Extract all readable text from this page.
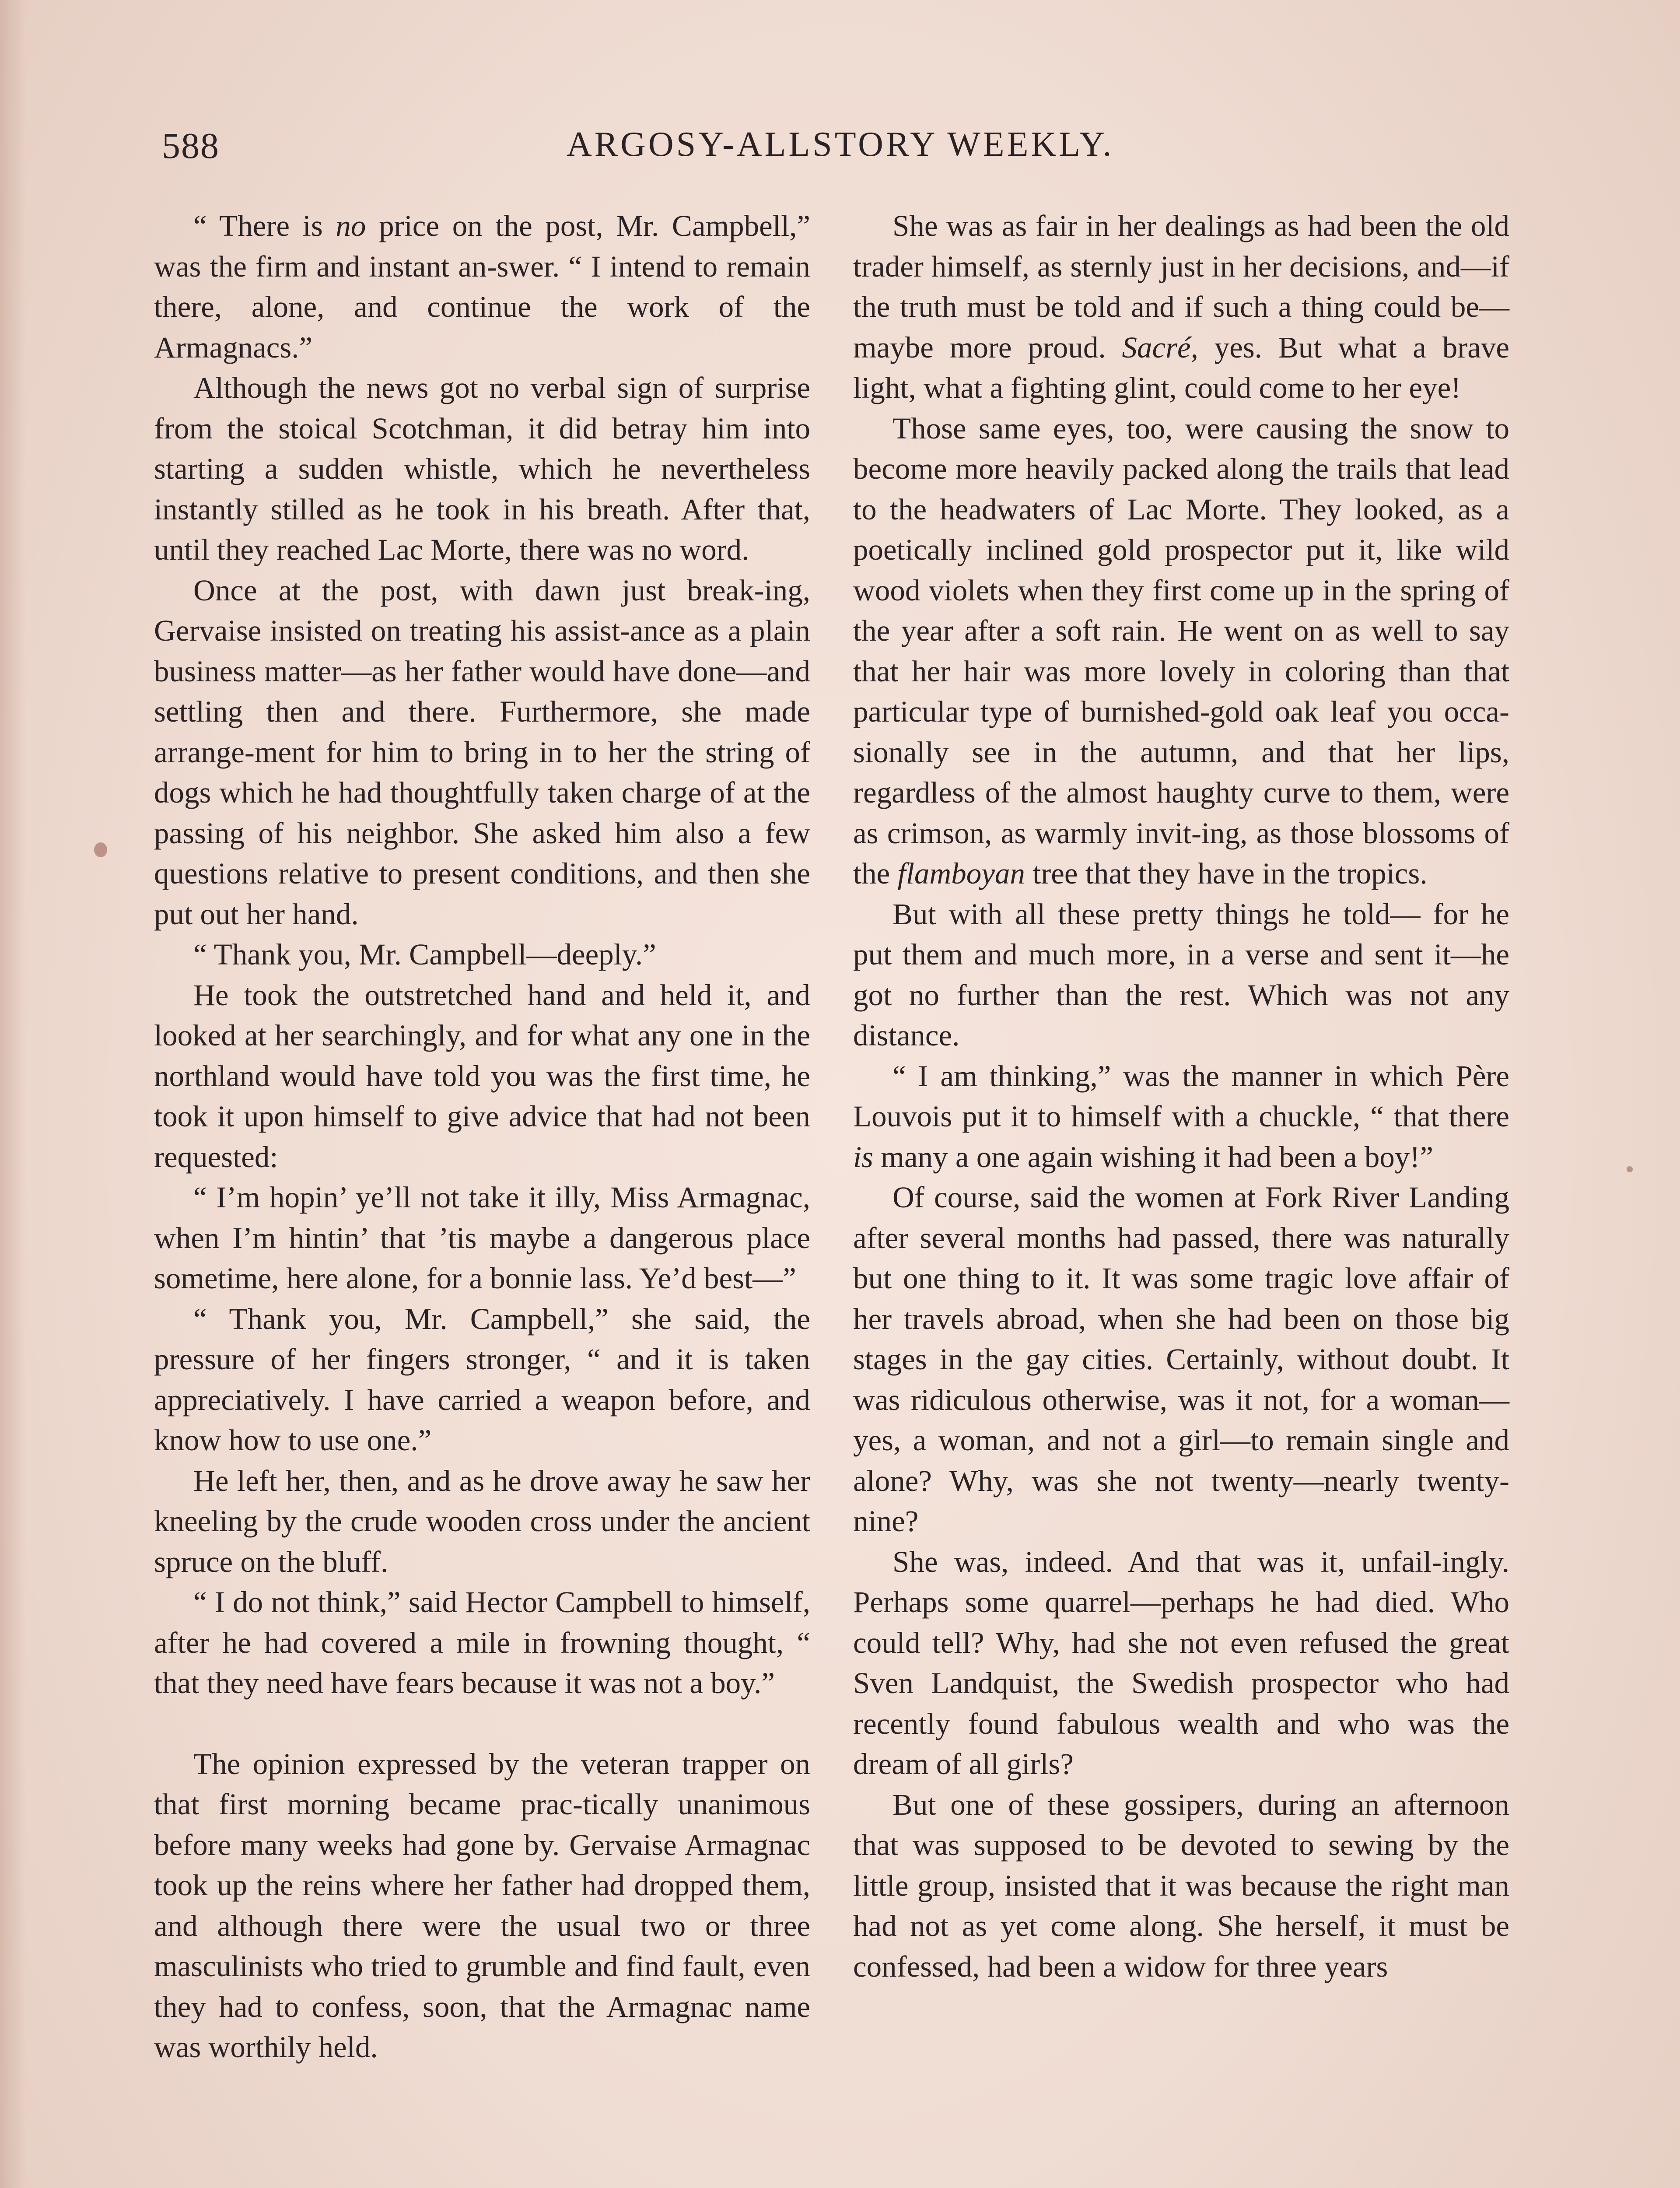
588	ARGOSY-ALLSTORY WEEKLY.

“ There is no price on the post, Mr. Campbell,” was the firm and instant an-swer. “ I intend to remain there, alone, and continue the work of the Armagnacs.”

Although the news got no verbal sign of surprise from the stoical Scotchman, it did betray him into starting a sudden whistle, which he nevertheless instantly stilled as he took in his breath. After that, until they reached Lac Morte, there was no word.

Once at the post, with dawn just break-ing, Gervaise insisted on treating his assist-ance as a plain business matter—as her father would have done—and settling then and there. Furthermore, she made arrange-ment for him to bring in to her the string of dogs which he had thoughtfully taken charge of at the passing of his neighbor. She asked him also a few questions relative to present conditions, and then she put out her hand.

“ Thank you, Mr. Campbell—deeply.”

He took the outstretched hand and held it, and looked at her searchingly, and for what any one in the northland would have told you was the first time, he took it upon himself to give advice that had not been requested:

“ I’m hopin’ ye’ll not take it illy, Miss Armagnac, when I’m hintin’ that ’tis maybe a dangerous place sometime, here alone, for a bonnie lass. Ye’d best—”

“ Thank you, Mr. Campbell,” she said, the pressure of her fingers stronger, “ and it is taken appreciatively. I have carried a weapon before, and know how to use one.”

He left her, then, and as he drove away he saw her kneeling by the crude wooden cross under the ancient spruce on the bluff.

“ I do not think,” said Hector Campbell to himself, after he had covered a mile in frowning thought, “ that they need have fears because it was not a boy.”

The opinion expressed by the veteran trapper on that first morning became prac-tically unanimous before many weeks had gone by. Gervaise Armagnac took up the reins where her father had dropped them, and although there were the usual two or three masculinists who tried to grumble and find fault, even they had to confess, soon, that the Armagnac name was worthily held.

She was as fair in her dealings as had been the old trader himself, as sternly just in her decisions, and—if the truth must be told and if such a thing could be—maybe more proud. Sacré, yes. But what a brave light, what a fighting glint, could come to her eye!

Those same eyes, too, were causing the snow to become more heavily packed along the trails that lead to the headwaters of Lac Morte. They looked, as a poetically inclined gold prospector put it, like wild wood violets when they first come up in the spring of the year after a soft rain. He went on as well to say that her hair was more lovely in coloring than that particular type of burnished-gold oak leaf you occa-sionally see in the autumn, and that her lips, regardless of the almost haughty curve to them, were as crimson, as warmly invit-ing, as those blossoms of the flamboyan tree that they have in the tropics.

But with all these pretty things he told— for he put them and much more, in a verse and sent it—he got no further than the rest. Which was not any distance.

“ I am thinking,” was the manner in which Père Louvois put it to himself with a chuckle, “ that there is many a one again wishing it had been a boy!”

Of course, said the women at Fork River Landing after several months had passed, there was naturally but one thing to it. It was some tragic love affair of her travels abroad, when she had been on those big stages in the gay cities. Certainly, without doubt. It was ridiculous otherwise, was it not, for a woman—yes, a woman, and not a girl—to remain single and alone? Why, was she not twenty—nearly twenty-nine?

She was, indeed. And that was it, unfail-ingly. Perhaps some quarrel—perhaps he had died. Who could tell? Why, had she not even refused the great Sven Landquist, the Swedish prospector who had recently found fabulous wealth and who was the dream of all girls?

But one of these gossipers, during an afternoon that was supposed to be devoted to sewing by the little group, insisted that it was because the right man had not as yet come along. She herself, it must be confessed, had been a widow for three years
